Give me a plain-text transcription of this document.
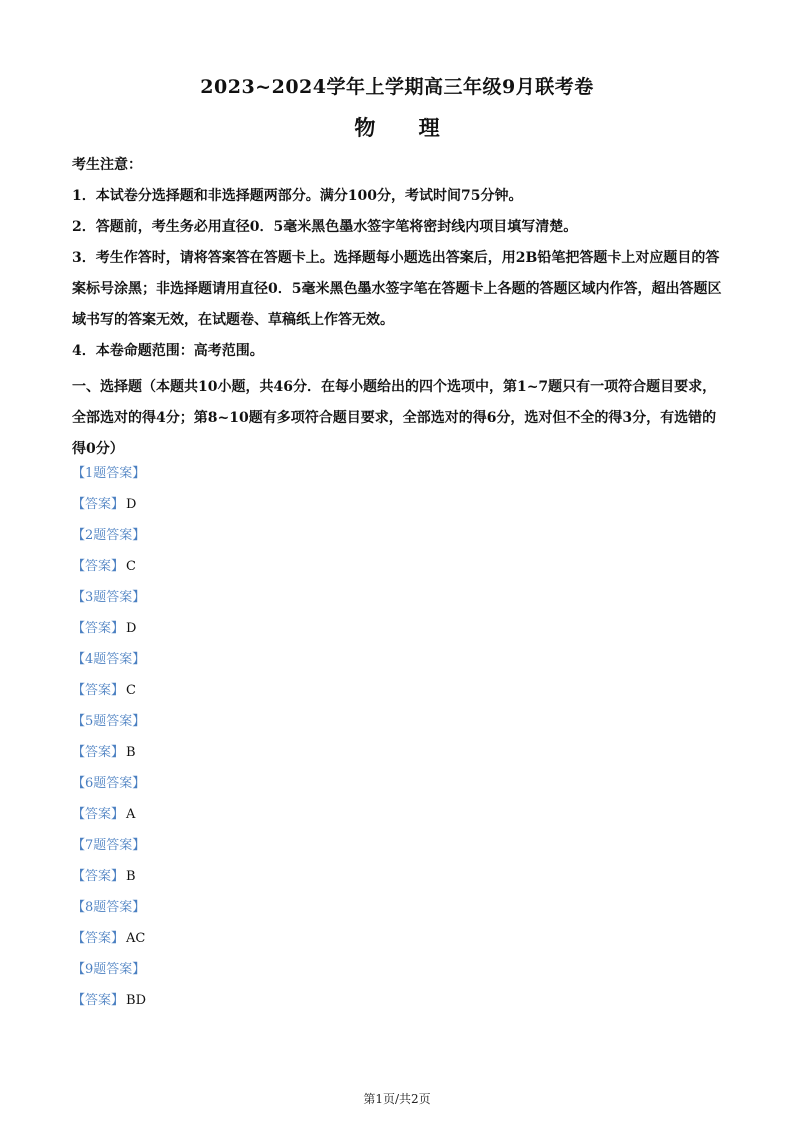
2023~2024学年上学期高三年级9月联考卷
物 理

考生注意：

1．本试卷分选择题和非选择题两部分。满分100分，考试时间75分钟。

2．答题前，考生务必用直径0．5毫米黑色墨水签字笔将密封线内项目填写清楚。

3．考生作答时，请将答案答在答题卡上。选择题每小题选出答案后，用2B铅笔把答题卡上对应题目的答案标号涂黑；非选择题请用直径0．5毫米黑色墨水签字笔在答题卡上各题的答题区域内作答，超出答题区域书写的答案无效，在试题卷、草稿纸上作答无效。

4．本卷命题范围：高考范围。

一、选择题（本题共10小题，共46分．在每小题给出的四个选项中，第1~7题只有一项符合题目要求，全部选对的得4分；第8~10题有多项符合题目要求，全部选对的得6分，选对但不全的得3分，有选错的得0分）

【1题答案】
【答案】 D
【2题答案】
【答案】 C
【3题答案】
【答案】 D
【4题答案】
【答案】 C
【5题答案】
【答案】 B
【6题答案】
【答案】 A
【7题答案】
【答案】 B
【8题答案】
【答案】 AC
【9题答案】
【答案】 BD
第1页/共2页
